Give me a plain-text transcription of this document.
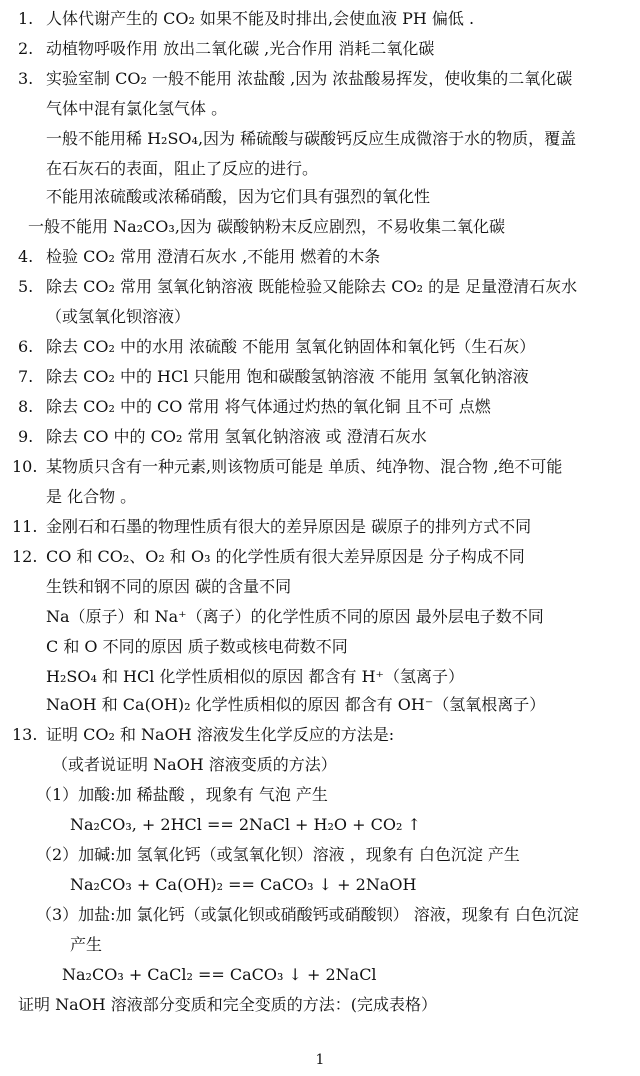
1. 人体代谢产生的 CO₂ 如果不能及时排出,会使血液 PH 偏低 .
2. 动植物呼吸作用 放出二氧化碳 ,光合作用 消耗二氧化碳
3. 实验室制 CO₂ 一般不能用 浓盐酸 ,因为 浓盐酸易挥发，使收集的二氧化碳
气体中混有氯化氢气体 。
一般不能用稀 H₂SO₄,因为 稀硫酸与碳酸钙反应生成微溶于水的物质，覆盖
在石灰石的表面，阻止了反应的进行。
不能用浓硫酸或浓稀硝酸，因为它们具有强烈的氧化性
一般不能用 Na₂CO₃,因为 碳酸钠粉末反应剧烈，不易收集二氧化碳
4. 检验 CO₂ 常用 澄清石灰水 ,不能用 燃着的木条
5. 除去 CO₂ 常用 氢氧化钠溶液 既能检验又能除去 CO₂ 的是 足量澄清石灰水
（或氢氧化钡溶液）
6. 除去 CO₂ 中的水用 浓硫酸 不能用 氢氧化钠固体和氧化钙（生石灰）
7. 除去 CO₂ 中的 HCl 只能用 饱和碳酸氢钠溶液 不能用 氢氧化钠溶液
8. 除去 CO₂ 中的 CO 常用 将气体通过灼热的氧化铜 且不可 点燃
9. 除去 CO 中的 CO₂ 常用 氢氧化钠溶液 或 澄清石灰水
10. 某物质只含有一种元素,则该物质可能是 单质、纯净物、混合物 ,绝不可能
是 化合物 。
11. 金刚石和石墨的物理性质有很大的差异原因是 碳原子的排列方式不同
12. CO 和 CO₂、O₂ 和 O₃ 的化学性质有很大差异原因是 分子构成不同
生铁和钢不同的原因 碳的含量不同
Na（原子）和 Na⁺（离子）的化学性质不同的原因 最外层电子数不同
C 和 O 不同的原因 质子数或核电荷数不同
H₂SO₄ 和 HCl 化学性质相似的原因 都含有 H⁺（氢离子）
NaOH 和 Ca(OH)₂ 化学性质相似的原因 都含有 OH⁻（氢氧根离子）
13. 证明 CO₂ 和 NaOH 溶液发生化学反应的方法是:
（或者说证明 NaOH 溶液变质的方法）
（1）加酸:加 稀盐酸 ，现象有 气泡 产生
Na₂CO₃, + 2HCl == 2NaCl + H₂O + CO₂ ↑
（2）加碱:加 氢氧化钙（或氢氧化钡）溶液 ，现象有 白色沉淀 产生
Na₂CO₃ + Ca(OH)₂ == CaCO₃ ↓ + 2NaOH
（3）加盐:加 氯化钙（或氯化钡或硝酸钙或硝酸钡） 溶液，现象有 白色沉淀
产生
Na₂CO₃ + CaCl₂ == CaCO₃ ↓ + 2NaCl
证明 NaOH 溶液部分变质和完全变质的方法：(完成表格）
1
